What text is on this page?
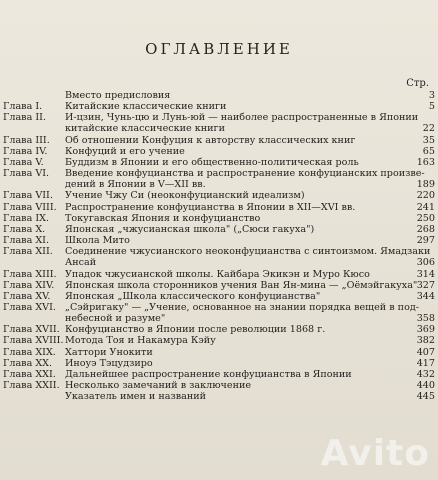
ОГЛАВЛЕНИЕ
Стр.
Вместо предисловия	3
Глава I. Китайские классические книги	5
Глава II. И-цзин, Чунь-цю и Лунь-юй — наиболее распространенные в Японии
китайские классические книги	22
Глава III. Об отношении Конфуция к авторству классических книг	35
Глава IV. Конфуций и его учение	65
Глава V. Буддизм в Японии и его общественно-политическая роль	163
Глава VI. Введение конфуцианства и распространение конфуцианских произве-
дений в Японии в V—XII вв.	189
Глава VII. Учение Чжу Си (неоконфуцианский идеализм)	220
Глава VIII. Распространение конфуцианства в Японии в XII—XVI вв.	241
Глава IX. Токугавская Япония и конфуцианство	250
Глава X. Японская „чжусианская школа" („Сюси гакуха")	268
Глава XI. Школа Мито	297
Глава XII. Соединение чжусианского неоконфуцианства с синтоизмом. Ямадзаки
Ансай	306
Глава XIII. Упадок чжусианской школы. Кайбара Экикэн и Муро Кюсо	314
Глава XIV. Японская школа сторонников учения Ван Ян-мина — „Оёмэйгакуха" 327
Глава XV. Японская „Школа классического конфуцианства"	344
Глава XVI. „Сэйригаку" — „Учение, основанное на знании порядка вещей в под-
небесной и разуме"	358
Глава XVII. Конфуцианство в Японии после революции 1868 г.	369
Глава XVIII.Мотода Тоя и Накамура Кэйу	382
Глава XIX. Хаттори Унокити	407
Глава XX. Иноуэ Тэцудзиро	417
Глава XXI. Дальнейшее распространение конфуцианства в Японии	432
Глава XXII. Несколько замечаний в заключение	440
Указатель имен и названий	445
Avito
